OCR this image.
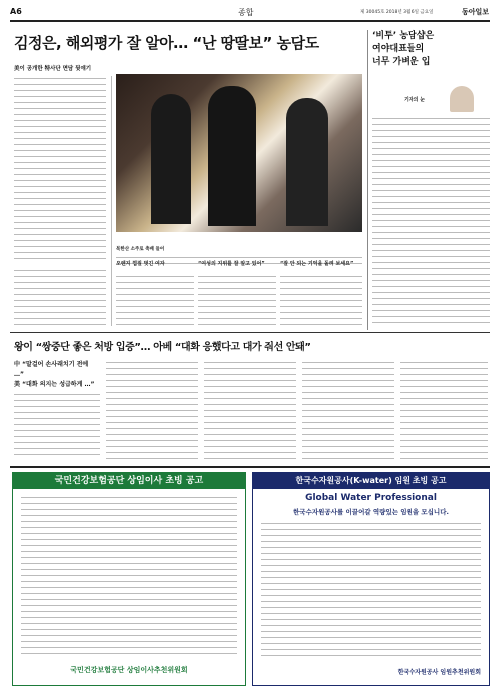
A6	종합	제 30045호 2018년 3월 6일 금요일	동아일보
김정은, 해외평가 잘 알아… “난 땅딸보” 농담도
美이 공개한 特사단 면담 뒷얘기
북한산 소주로 축배 들어
오렌지 껍질 벗긴 여자	“여성의 지위를 잘 알고 있어”	“잘 안 되는 기억을 돌려 보세요”
‘비투’ 농담샵은
여야대표들의
너무 가벼운 입
기자의 눈
왕이 “쌍중단 좋은 처방 입증”… 아베 “대화 응했다고 대가 줘선 안돼”
中 “말걸어 손사래치기 전에 …”
美 “대화 의지는 성급하게 …”
국민건강보험공단 상임이사 초빙 공고
국민건강보험공단 상임이사추천위원회
한국수자원공사(K-water) 임원 초빙 공고
Global Water Professional
한국수자원공사를 이끌어갈 역량있는 임원을 모십니다.
한국수자원공사 임원추천위원회
